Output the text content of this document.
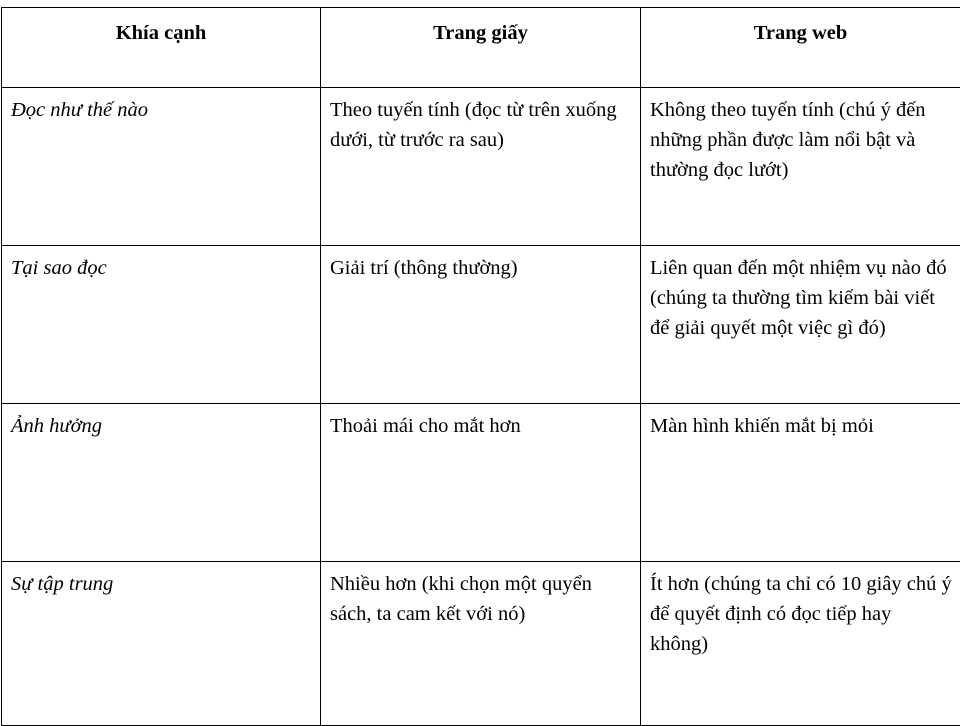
Khía cạnh	Trang giấy	Trang web

Đọc như thế nào	Theo tuyến tính (đọc từ trên xuống dưới, từ trước ra sau)	Không theo tuyến tính (chú ý đến những phần được làm nổi bật và thường đọc lướt)

Tại sao đọc	Giải trí (thông thường)	Liên quan đến một nhiệm vụ nào đó (chúng ta thường tìm kiếm bài viết để giải quyết một việc gì đó)

Ảnh hưởng	Thoải mái cho mắt hơn	Màn hình khiến mắt bị mỏi

Sự tập trung	Nhiều hơn (khi chọn một quyển sách, ta cam kết với nó)	Ít hơn (chúng ta chỉ có 10 giây chú ý để quyết định có đọc tiếp hay không)
